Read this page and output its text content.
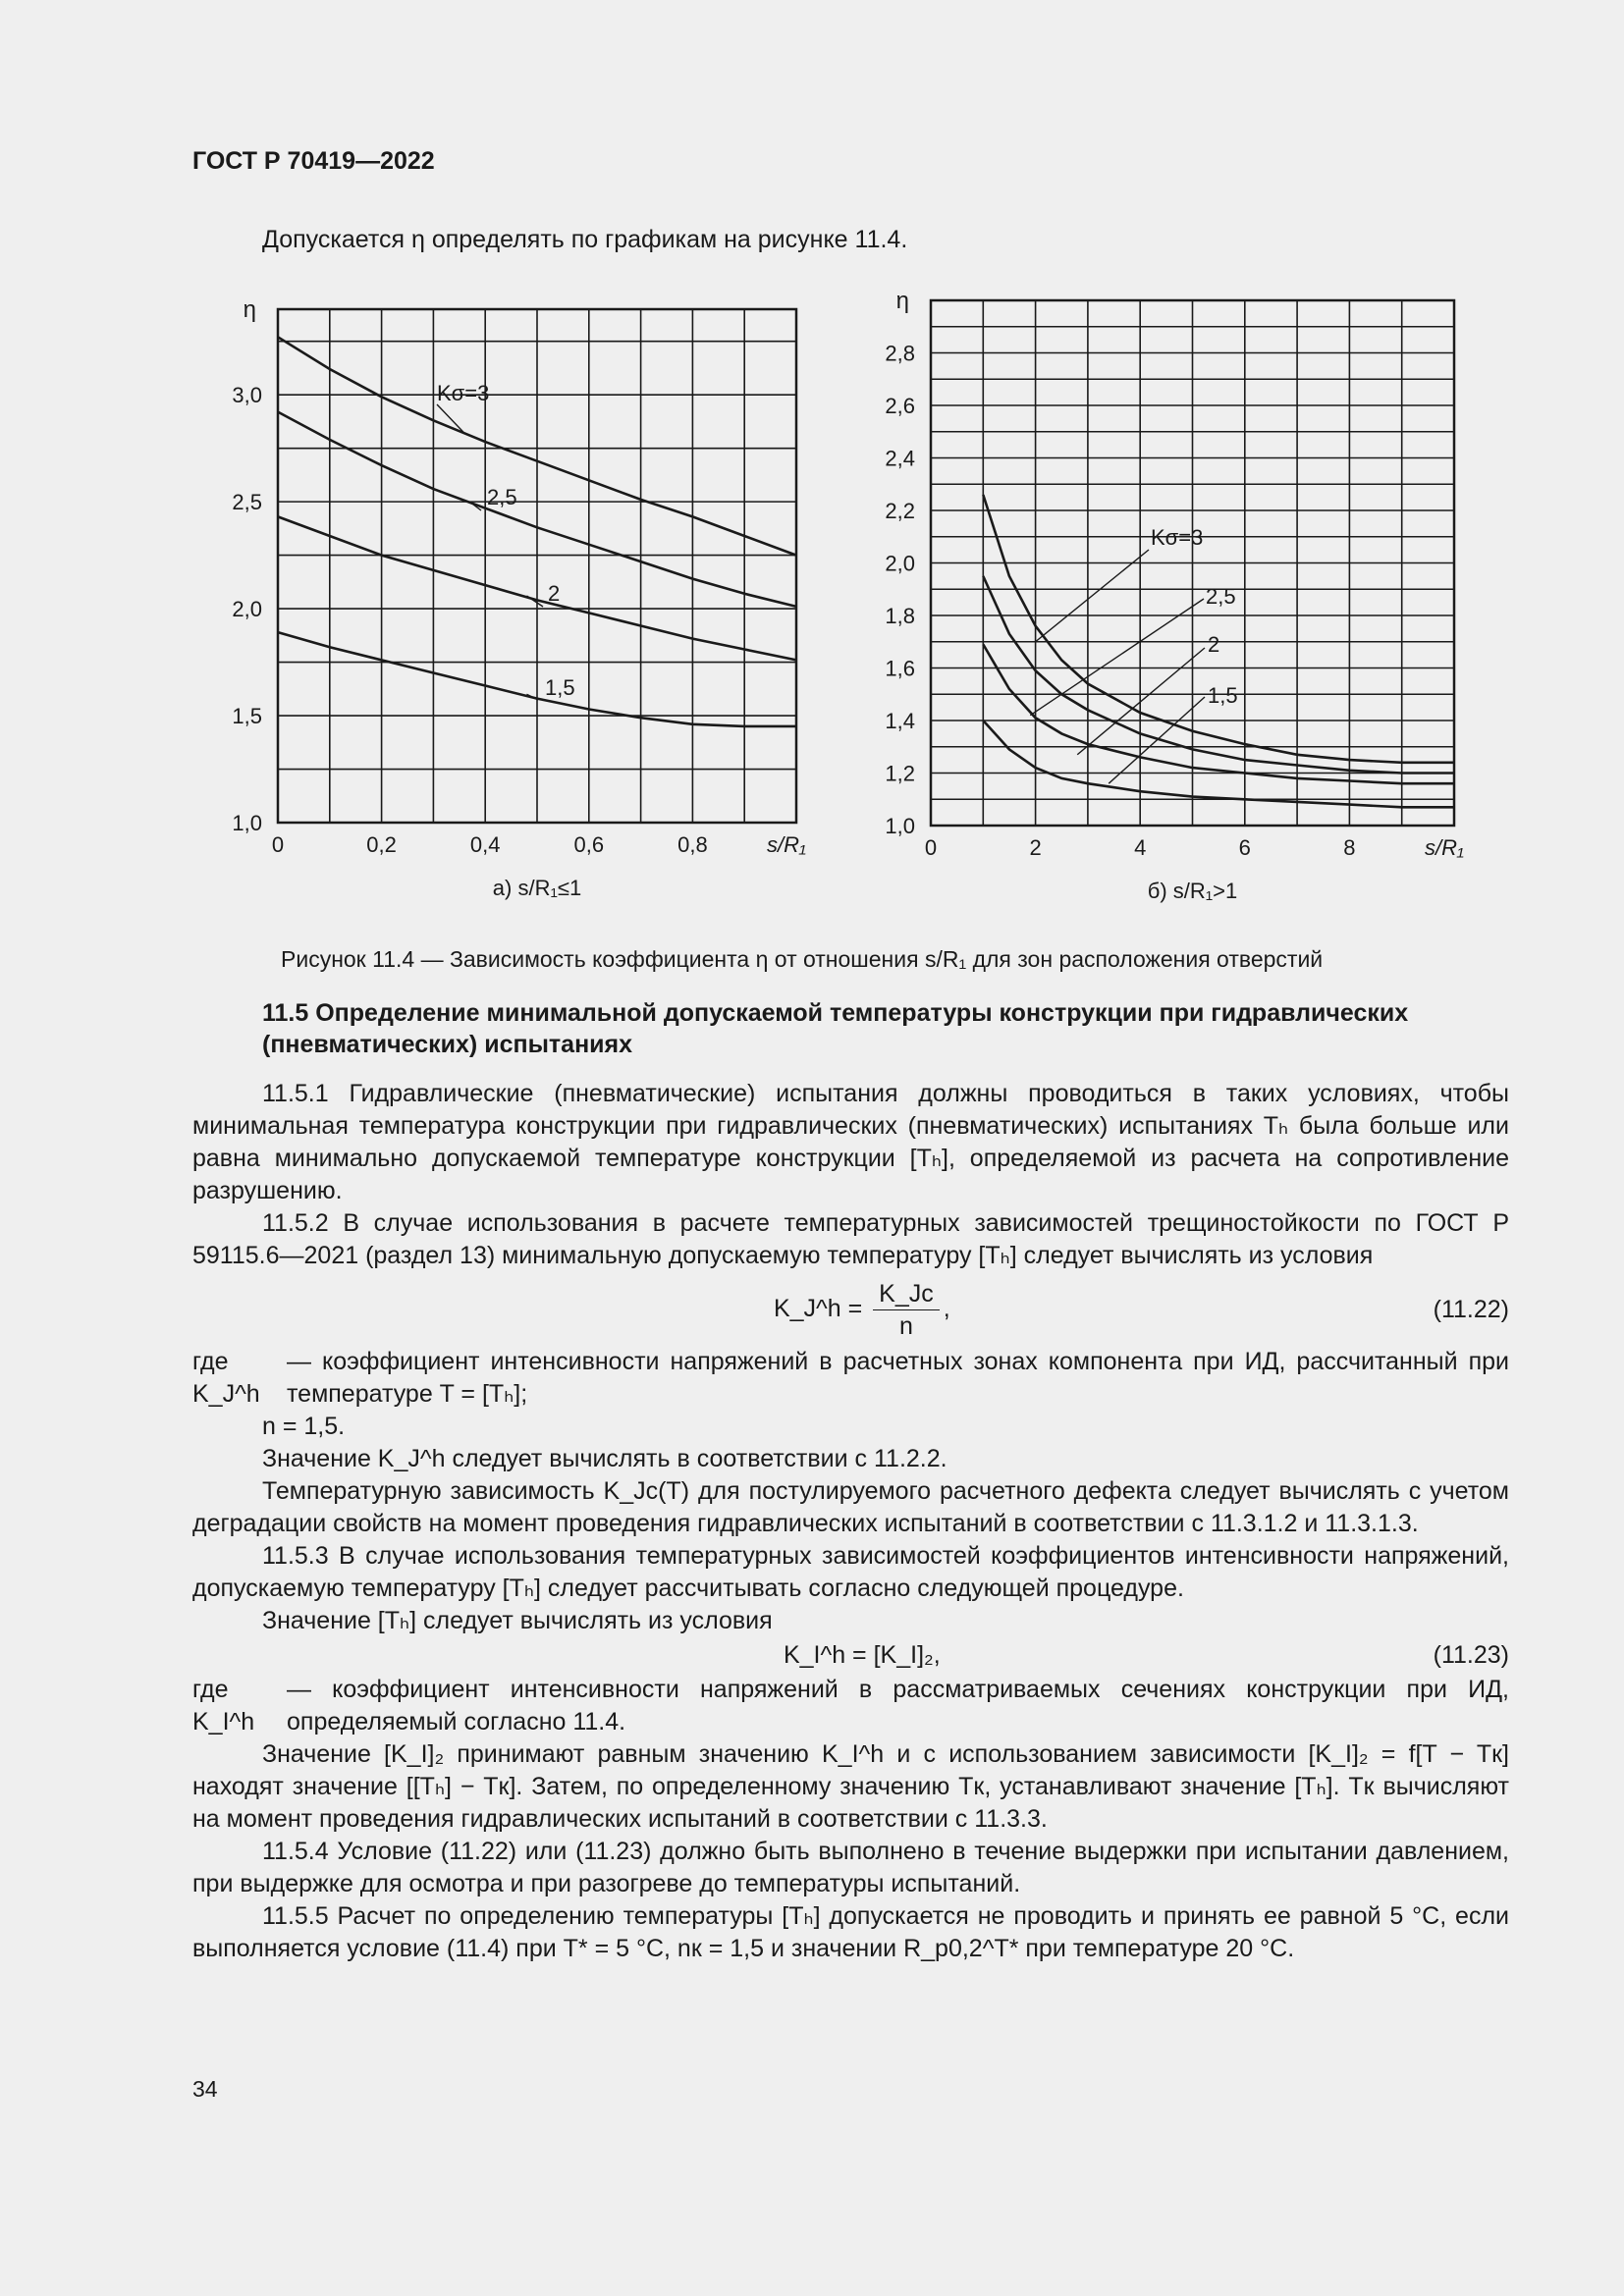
ГОСТ Р 70419—2022
Допускается η определять по графикам на рисунке 11.4.
0	0,2	0,4	0,6	0,8
1,0
1,5
2,0
2,5
3,0
s/R₁
η
а) s/R₁≤1
Kσ=3
2,5
2
1,5
0	2	4	6	8
1,0
1,2
1,4
1,6
1,8
2,0
2,2
2,4
2,6
2,8
s/R₁
η
б) s/R₁>1
Kσ=3
2,5
2
1,5
Рисунок 11.4 — Зависимость коэффициента η от отношения s/R₁ для зон расположения отверстий
11.5 Определение минимальной допускаемой температуры конструкции при гидравлических (пневматических) испытаниях

11.5.1 Гидравлические (пневматические) испытания должны проводиться в таких условиях, чтобы минимальная температура конструкции при гидравлических (пневматических) испытаниях Tₕ была больше или равна минимально допускаемой температуре конструкции [Tₕ], определяемой из расчета на сопротивление разрушению.

11.5.2 В случае использования в расчете температурных зависимостей трещиностойкости по ГОСТ Р 59115.6—2021 (раздел 13) минимальную допускаемую температуру [Tₕ] следует вычислять из условия

K_J^h = $\frac{K\_Jc}{n}$ ,	(11.22)
где K_J^h
— коэффициент интенсивности напряжений в расчетных зонах компонента при ИД, рассчитанный при температуре T = [Tₕ];

n = 1,5.

Значение K_J^h следует вычислять в соответствии с 11.2.2.

Температурную зависимость K_Jc(T) для постулируемого расчетного дефекта следует вычислять с учетом деградации свойств на момент проведения гидравлических испытаний в соответствии с 11.3.1.2 и 11.3.1.3.

11.5.3 В случае использования температурных зависимостей коэффициентов интенсивности напряжений, допускаемую температуру [Tₕ] следует рассчитывать согласно следующей процедуре.

Значение [Tₕ] следует вычислять из условия

K_I^h = [K_I]₂,	(11.23)
где K_I^h
— коэффициент интенсивности напряжений в рассматриваемых сечениях конструкции при ИД, определяемый согласно 11.4.

Значение [K_I]₂ принимают равным значению K_I^h и с использованием зависимости [K_I]₂ = f[T − Tк] находят значение [[Tₕ] − Tк]. Затем, по определенному значению Tк, устанавливают значение [Tₕ]. Tк вычисляют на момент проведения гидравлических испытаний в соответствии с 11.3.3.

11.5.4 Условие (11.22) или (11.23) должно быть выполнено в течение выдержки при испытании давлением, при выдержке для осмотра и при разогреве до температуры испытаний.

11.5.5 Расчет по определению температуры [Tₕ] допускается не проводить и принять ее равной 5 °С, если выполняется условие (11.4) при T* = 5 °С, nк = 1,5 и значении R_p0,2^T* при температуре 20 °С.

34
